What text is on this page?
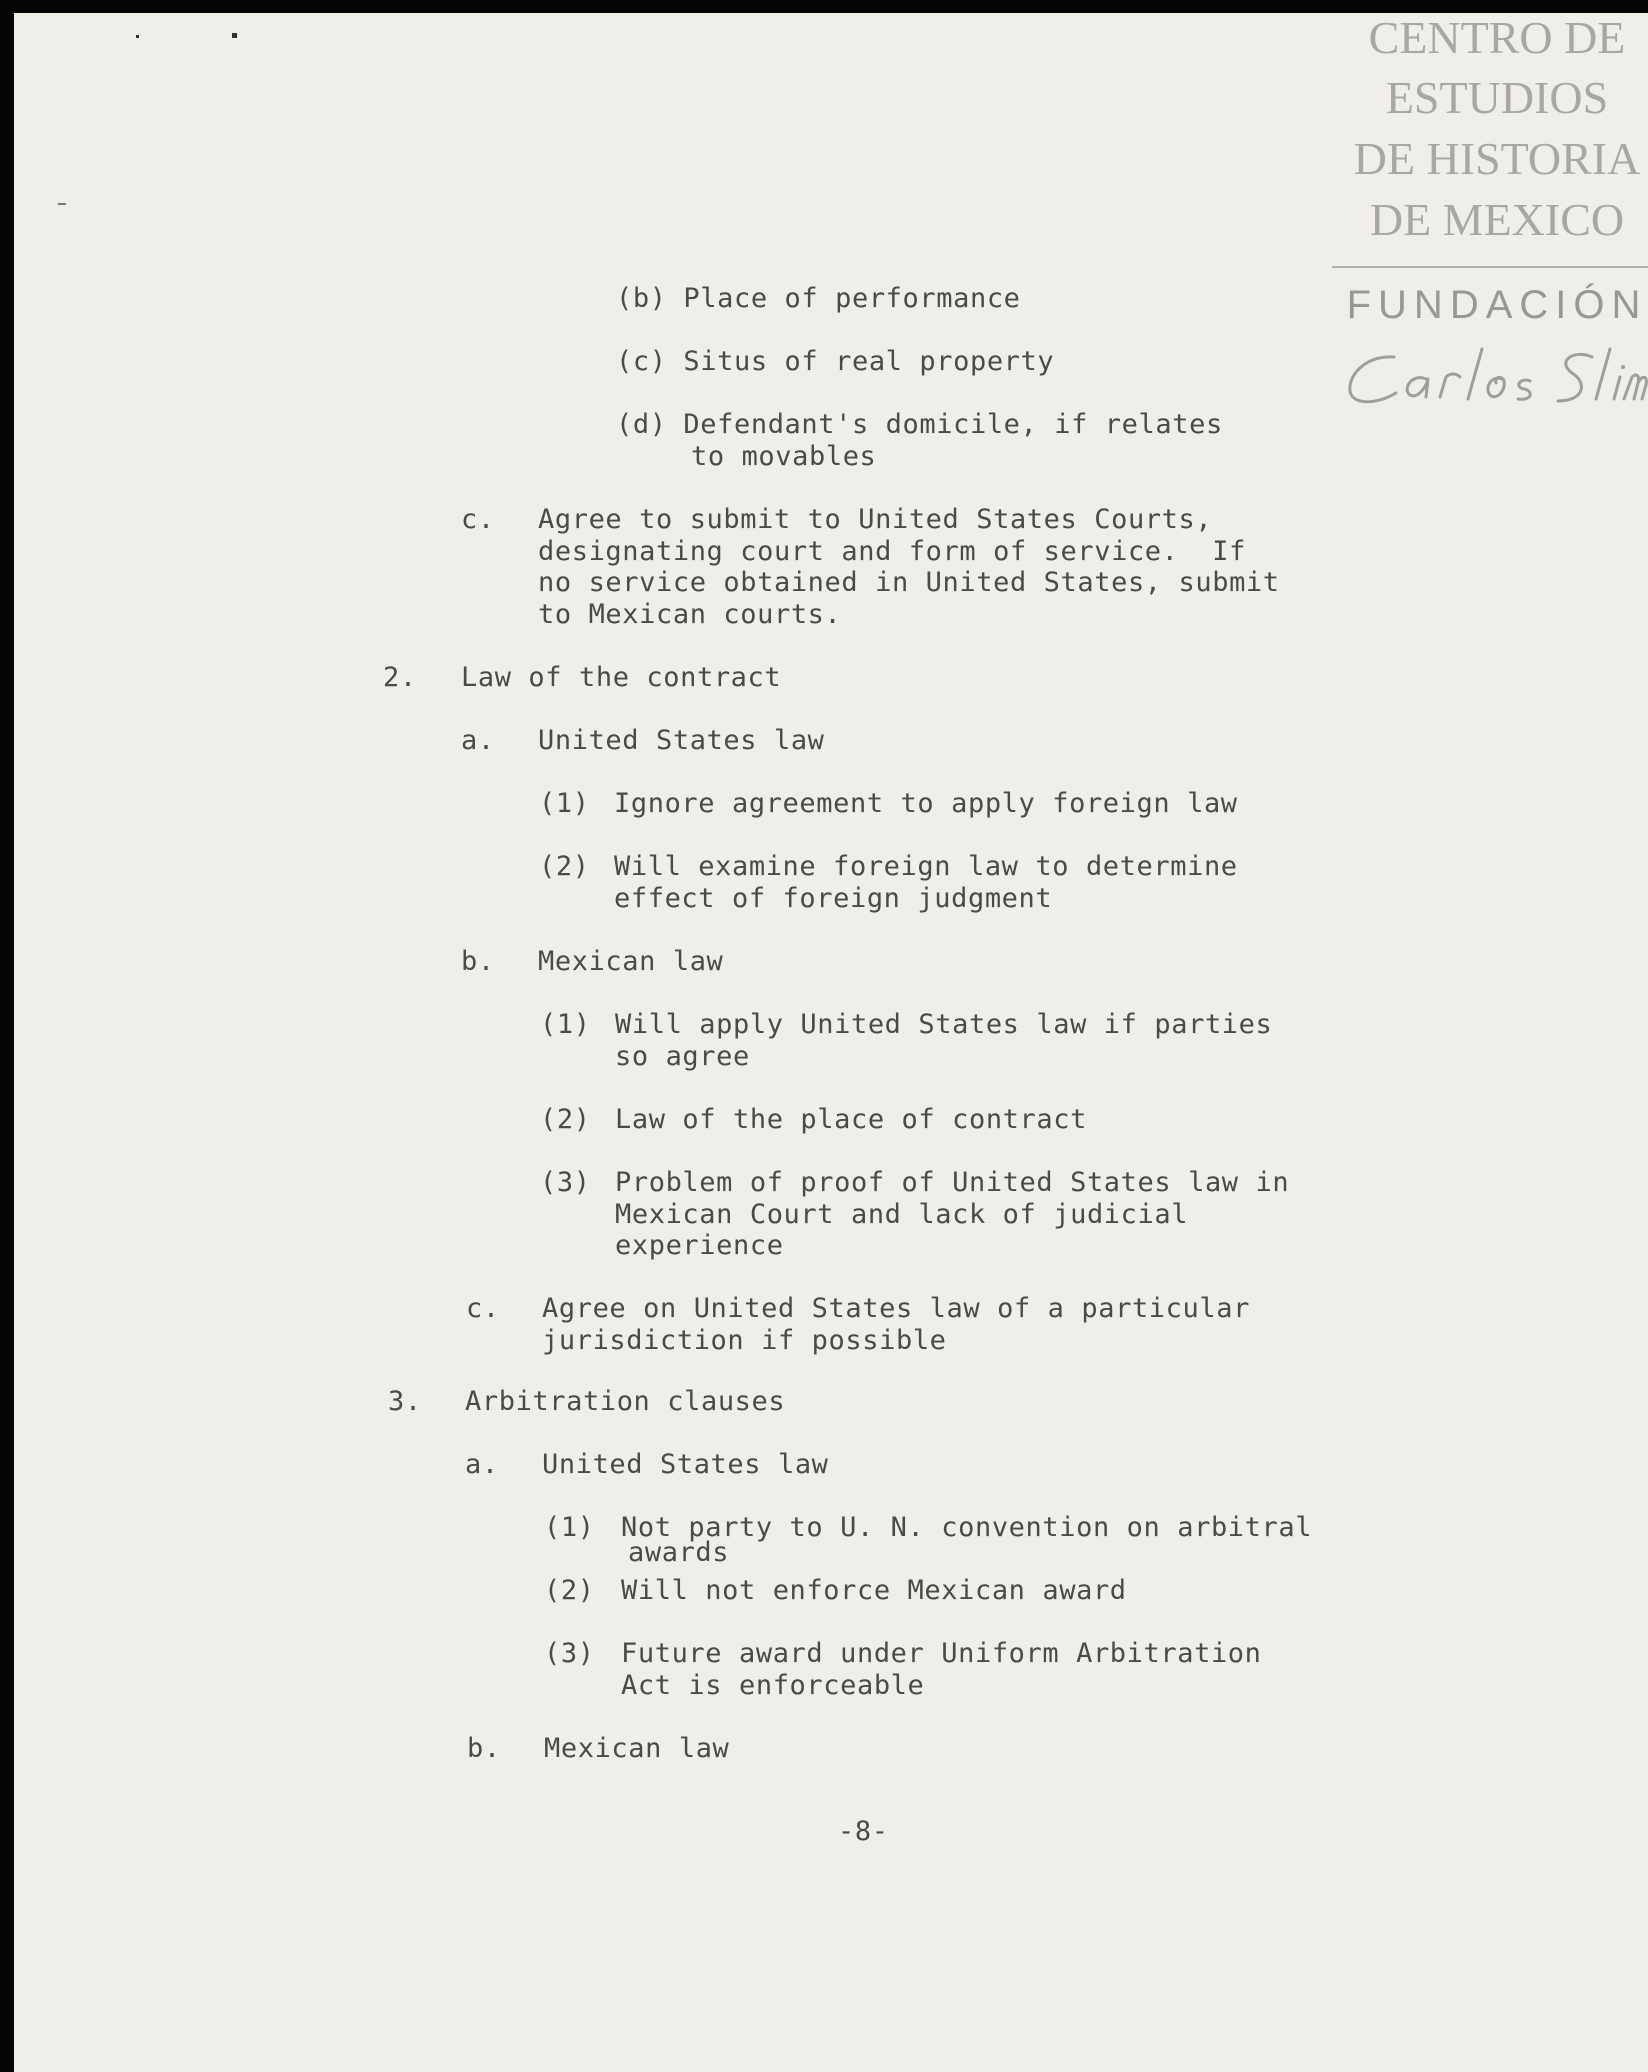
CENTRO DE
ESTUDIOS
DE HISTORIA
DE MEXICO
FUNDACIÓN
(b) Place of performance
(c) Situs of real property
(d) Defendant's domicile, if relates
to movables
c. Agree to submit to United States Courts,
designating court and form of service.  If
no service obtained in United States, submit
to Mexican courts.
2. Law of the contract
a. United States law
(1) Ignore agreement to apply foreign law
(2) Will examine foreign law to determine
effect of foreign judgment
b. Mexican law
(1) Will apply United States law if parties
so agree
(2) Law of the place of contract
(3) Problem of proof of United States law in
Mexican Court and lack of judicial
experience
c. Agree on United States law of a particular
jurisdiction if possible
3. Arbitration clauses
a. United States law
(1) Not party to U. N. convention on arbitral
awards
(2) Will not enforce Mexican award
(3) Future award under Uniform Arbitration
Act is enforceable
b. Mexican law
-8-
